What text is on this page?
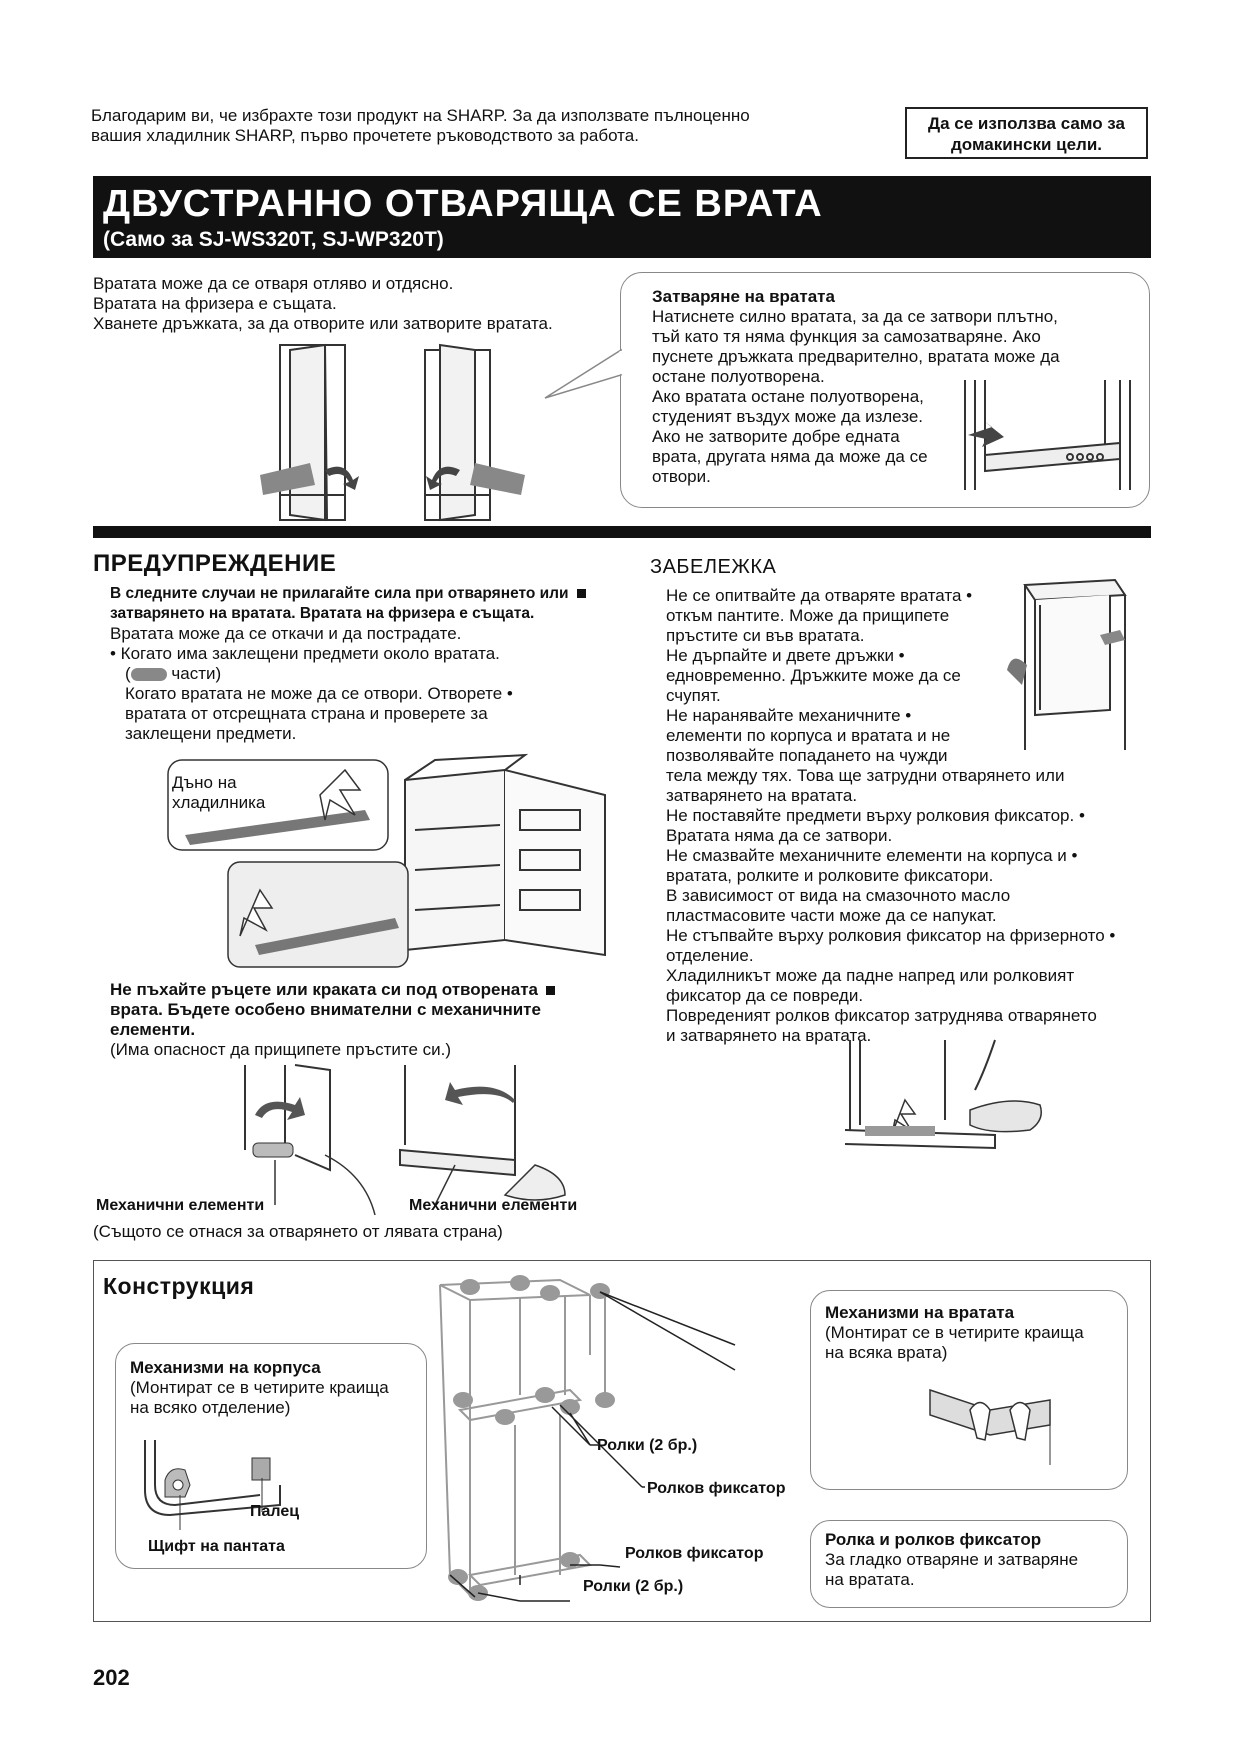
Благодарим ви, че избрахте този продукт на SHARP. За да използвате пълноценно
вашия хладилник SHARP, първо прочетете ръководството за работа.
Да се използва само за
домакински цели.
ДВУСТРАННО ОТВАРЯЩА СЕ ВРАТА
(Само за SJ-WS320T, SJ-WP320T)
Вратата може да се отваря отляво и отдясно.
Вратата на фризера е същата.
Хванете дръжката, за да отворите или затворите вратата.
Затваряне на вратата
Натиснете силно вратата, за да се затвори плътно,
тъй като тя няма функция за самозатваряне. Ако
пуснете дръжката предварително, вратата може да
остане полуотворена.
Ако вратата остане полуотворена,
студеният въздух може да излезе.
Ако не затворите добре едната
врата, другата няма да може да се
отвори.
ПРЕДУПРЕЖДЕНИЕ
В следните случаи не прилагайте сила при отварянето или
затварянето на вратата. Вратата на фризера е същата.
Вратата може да се откачи и да пострадате.
• Когато има заклещени предмети около вратата.
( части)
Когато вратата не може да се отвори. Отворете •
вратата от отсрещната страна и проверете за
заклещени предмети.
Дъно на
хладилника
Не пъхайте ръцете или краката си под отворената
врата. Бъдете особено внимателни с механичните
елементи.
(Има опасност да прищипете пръстите си.)
Механични елементи	Механични елементи
(Същото се отнася за отварянето от лявата страна)
ЗАБЕЛЕЖКА
Не се опитвайте да отваряте вратата •
откъм пантите. Може да прищипете
пръстите си във вратата.
Не дърпайте и двете дръжки •
едновременно. Дръжките може да се
счупят.
Не наранявайте механичните •
елементи по корпуса и вратата и не
позволявайте попадането на чужди
тела между тях. Това ще затрудни отварянето или
затварянето на вратата.
Не поставяйте предмети върху ролковия фиксатор. •
Вратата няма да се затвори.
Не смазвайте механичните елементи на корпуса и •
вратата, ролките и ролковите фиксатори.
В зависимост от вида на смазочното масло
пластмасовите части може да се напукат.
Не стъпвайте върху ролковия фиксатор на фризерното •
отделение.
Хладилникът може да падне напред или ролковият
фиксатор да се повреди.
Повреденият ролков фиксатор затруднява отварянето
и затварянето на вратата.
Конструкция
Механизми на корпуса
(Монтират се в четирите краища
на всяко отделение)
Палец
Щифт на пантата
Ролки (2 бр.)
Ролков фиксатор
Ролков фиксатор
Ролки (2 бр.)
Механизми на вратата
(Монтират се в четирите краища
на всяка врата)
Ролка и ролков фиксатор
За гладко отваряне и затваряне
на вратата.
202
